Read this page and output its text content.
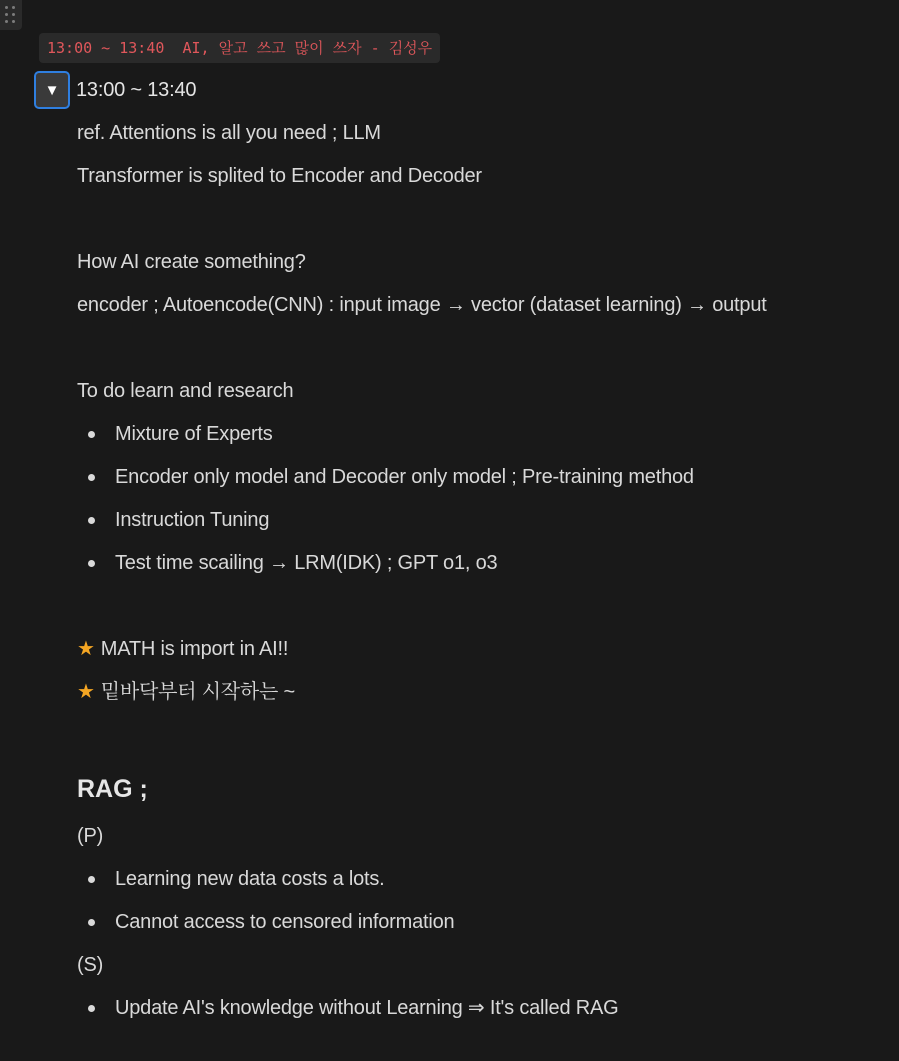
13:00 ~ 13:40  AI, 알고 쓰고 많이 쓰자 - 김성우
▼ 13:00 ~ 13:40
ref. Attentions is all you need ; LLM
Transformer is splited to Encoder and Decoder
How AI create something?
encoder ; Autoencode(CNN) : input image → vector (dataset learning) → output
To do learn and research
Mixture of Experts
Encoder only model and Decoder only model ; Pre-training method
Instruction Tuning
Test time scailing → LRM(IDK) ; GPT o1, o3
★ MATH is import in AI!!
★ 밑바닥부터 시작하는 ~
RAG ;
(P)
Learning new data costs a lots.
Cannot access to censored information
(S)
Update AI's knowledge without Learning ⇒ It's called RAG
